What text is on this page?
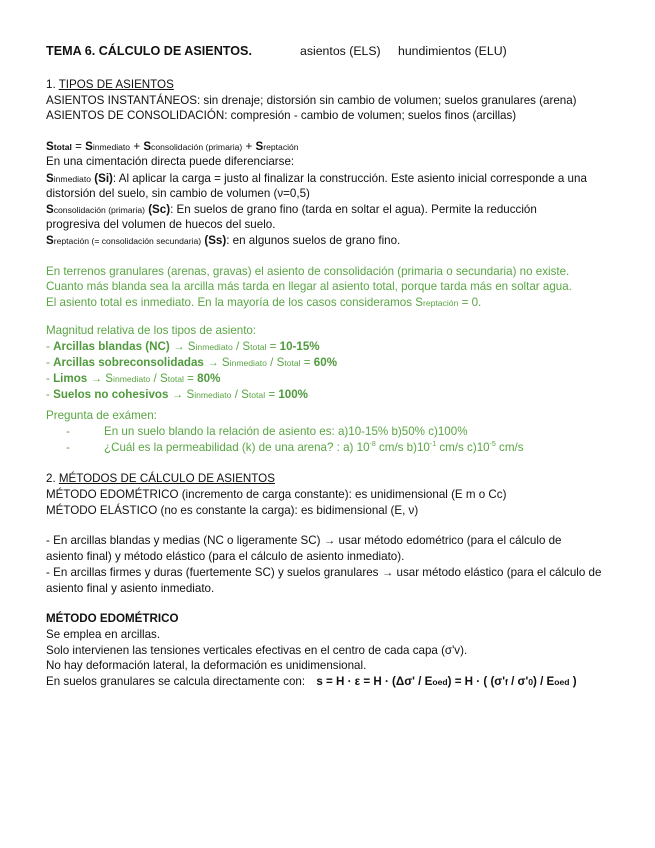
TEMA 6. CÁLCULO DE ASIENTOS.	asientos (ELS) hundimientos (ELU)
1. TIPOS DE ASIENTOS
ASIENTOS INSTANTÁNEOS: sin drenaje; distorsión sin cambio de volumen; suelos granulares (arena)
ASIENTOS DE CONSOLIDACIÓN: compresión - cambio de volumen; suelos finos (arcillas)
Stotal = Sinmediato + Sconsolidación (primaria) + Sreptación
En una cimentación directa puede diferenciarse:
Sinmediato (Si): Al aplicar la carga = justo al finalizar la construcción. Este asiento inicial corresponde a una
distorsión del suelo, sin cambio de volumen (ν=0,5)
Sconsolidación (primaria) (Sc): En suelos de grano fino (tarda en soltar el agua). Permite la reducción
progresiva del volumen de huecos del suelo.
Sreptación (= consolidación secundaria) (Ss): en algunos suelos de grano fino.
En terrenos granulares (arenas, gravas) el asiento de consolidación (primaria o secundaria) no existe.
Cuanto más blanda sea la arcilla más tarda en llegar al asiento total, porque tarda más en soltar agua.
El asiento total es inmediato. En la mayoría de los casos consideramos Sreptación = 0.
Magnitud relativa de los tipos de asiento:
- Arcillas blandas (NC) → Sinmediato / Stotal = 10-15%
- Arcillas sobreconsolidadas → Sinmediato / Stotal = 60%
- Limos → Sinmediato / Stotal = 80%
- Suelos no cohesivos → Sinmediato / Stotal = 100%
Pregunta de exámen:
-	En un suelo blando la relación de asiento es: a)10-15% b)50% c)100%
-	¿Cuál es la permeabilidad (k) de una arena? : a) $10^{-8}$ cm/s $b)10^{-1}$ cm/s $c)10^{-5}$ cm/s
2. MÉTODOS DE CÁLCULO DE ASIENTOS
MÉTODO EDOMÉTRICO (incremento de carga constante): es unidimensional (E m o Cc)
MÉTODO ELÁSTICO (no es constante la carga): es bidimensional (E, ν)
- En arcillas blandas y medias (NC o ligeramente SC) → usar método edométrico (para el cálculo de
asiento final) y método elástico (para el cálculo de asiento inmediato).
- En arcillas firmes y duras (fuertemente SC) y suelos granulares → usar método elástico (para el cálculo de
asiento final y asiento inmediato.
MÉTODO EDOMÉTRICO
Se emplea en arcillas.
Solo intervienen las tensiones verticales efectivas en el centro de cada capa (σ'v).
No hay deformación lateral, la deformación es unidimensional.
En suelos granulares se calcula directamente con: s = H · ε = H · (Δσ' / Eoed) = H · ( (σ'f / σ'0) / Eoed )
